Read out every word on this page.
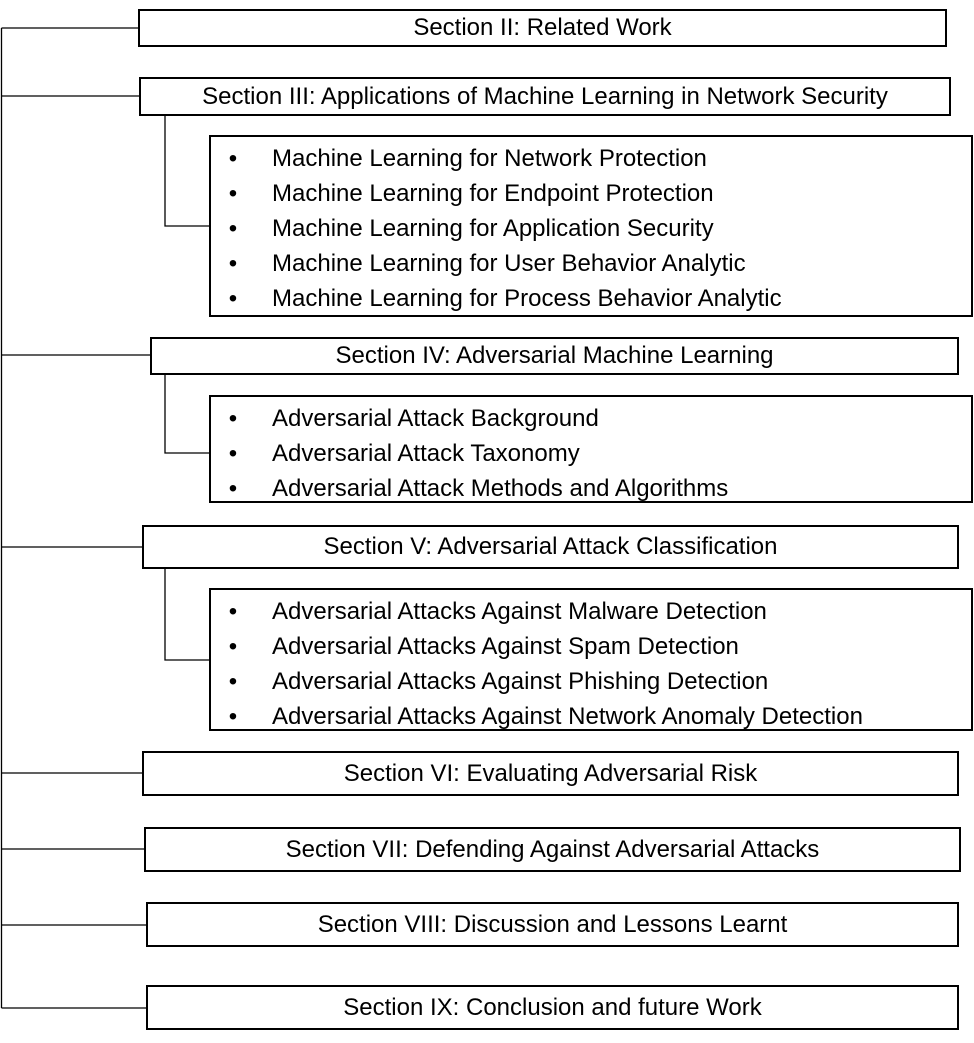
Section II: Related Work
Section III: Applications of Machine Learning in Network Security
• Machine Learning for Network Protection
• Machine Learning for Endpoint Protection
• Machine Learning for Application Security
• Machine Learning for User Behavior Analytic
• Machine Learning for Process Behavior Analytic
Section IV: Adversarial Machine Learning
• Adversarial Attack Background
• Adversarial Attack Taxonomy
• Adversarial Attack Methods and Algorithms
Section V: Adversarial Attack Classification
• Adversarial Attacks Against Malware Detection
• Adversarial Attacks Against Spam Detection
• Adversarial Attacks Against Phishing Detection
• Adversarial Attacks Against Network Anomaly Detection
Section VI: Evaluating Adversarial Risk
Section VII: Defending Against Adversarial Attacks
Section VIII: Discussion and Lessons Learnt
Section IX: Conclusion and future Work
